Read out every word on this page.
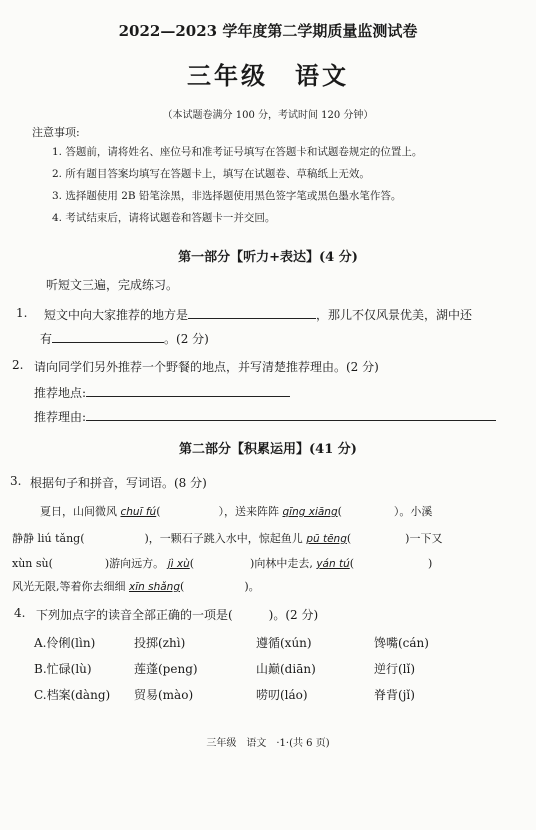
2022—2023 学年度第二学期质量监测试卷
三年级　语文
（本试题卷满分 100 分，考试时间 120 分钟）
注意事项:
1. 答题前，请将姓名、座位号和准考证号填写在答题卡和试题卷规定的位置上。
2. 所有题目答案均填写在答题卡上，填写在试题卷、草稿纸上无效。
3. 选择题使用 2B 铅笔涂黑，非选择题使用黑色签字笔或黑色墨水笔作答。
4. 考试结束后，请将试题卷和答题卡一并交回。
第一部分【听力+表达】(4 分)
听短文三遍，完成练习。
1. 短文中向大家推荐的地方是	，那儿不仅风景优美，湖中还
有	。(2 分)
2. 请向同学们另外推荐一个野餐的地点，并写清楚推荐理由。(2 分)
推荐地点:
推荐理由:
第二部分【积累运用】(41 分)
3. 根据句子和拼音，写词语。(8 分)
夏日，山间微风 chuī fú(	），送来阵阵 qīng xiāng(	）。小溪
静静 liú tǎng(	)，一颗石子跳入水中，惊起鱼儿 pū tēng(	)一下又
xùn sù(	)游向远方。 jì xù(	)向林中走去, yán tú(	)
风光无限,等着你去细细 xīn shǎng(	)。
4. 下列加点字的读音全部正确的一项是(　　　)。(2 分)
A.伶俐(lìn)	投掷(zhì)	遵循(xún)	馋嘴(cán)
B.忙碌(lù)	莲蓬(peng)	山巅(diān)	逆行(lǐ)
C.档案(dàng) 贸易(mào)	唠叨(láo)	脊背(jǐ)
三年级　语文　·1·(共 6 页)
